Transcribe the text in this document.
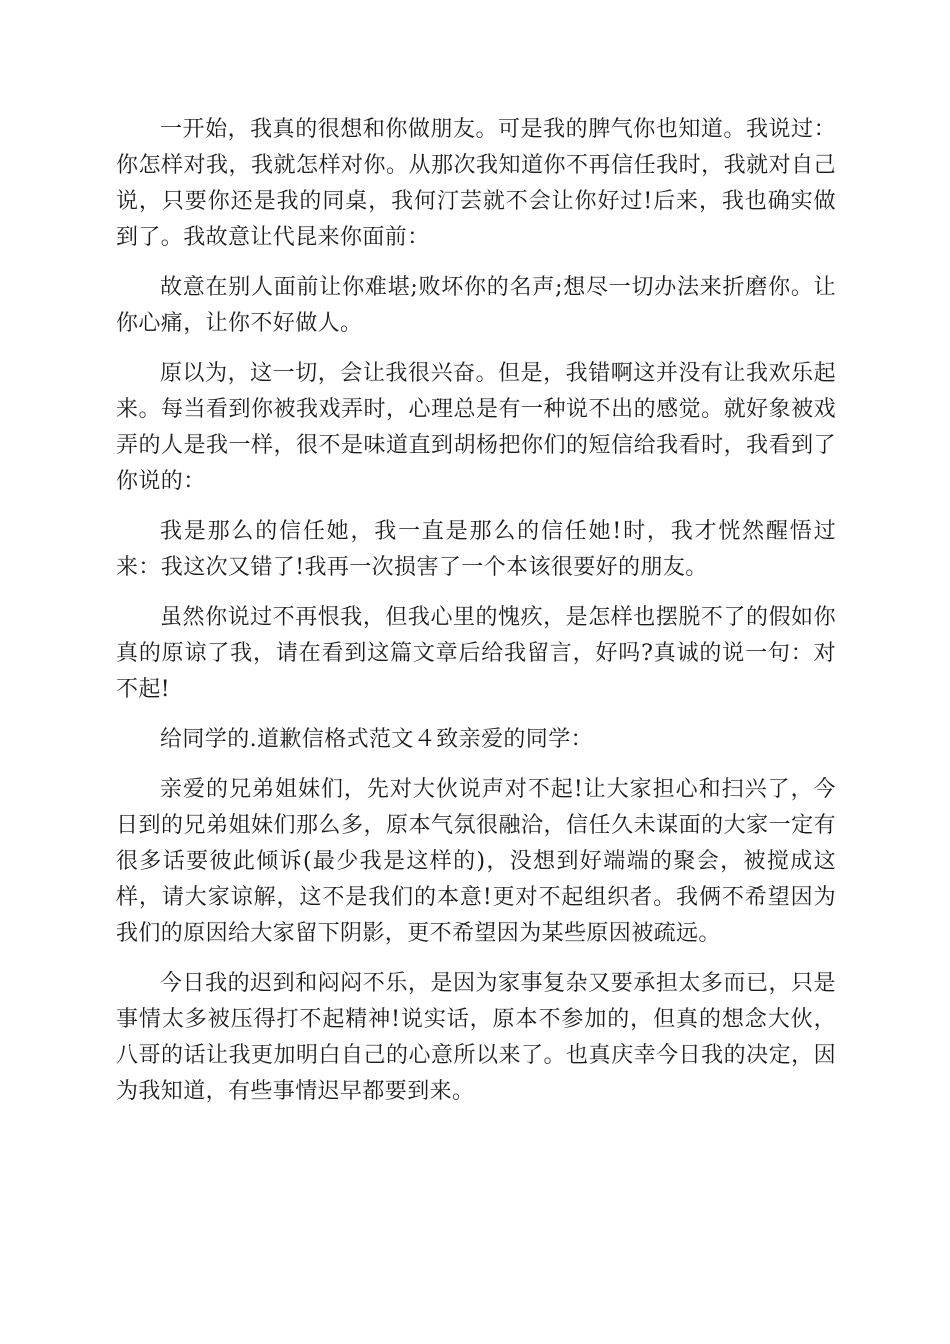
一开始，我真的很想和你做朋友。可是我的脾气你也知道。我说过：你怎样对我，我就怎样对你。从那次我知道你不再信任我时，我就对自己说，只要你还是我的同桌，我何汀芸就不会让你好过!后来，我也确实做到了。我故意让代昆来你面前：

故意在别人面前让你难堪;败坏你的名声;想尽一切办法来折磨你。让你心痛，让你不好做人。

原以为，这一切，会让我很兴奋。但是，我错啊这并没有让我欢乐起来。每当看到你被我戏弄时，心理总是有一种说不出的感觉。就好象被戏弄的人是我一样，很不是味道直到胡杨把你们的短信给我看时，我看到了你说的：

我是那么的信任她，我一直是那么的信任她!时，我才恍然醒悟过来：我这次又错了!我再一次损害了一个本该很要好的朋友。

虽然你说过不再恨我，但我心里的愧疚，是怎样也摆脱不了的假如你真的原谅了我，请在看到这篇文章后给我留言，好吗?真诚的说一句：对不起!

给同学的.道歉信格式范文４致亲爱的同学：

亲爱的兄弟姐妹们，先对大伙说声对不起!让大家担心和扫兴了，今日到的兄弟姐妹们那么多，原本气氛很融洽，信任久未谋面的大家一定有很多话要彼此倾诉(最少我是这样的)，没想到好端端的聚会，被搅成这样，请大家谅解，这不是我们的本意!更对不起组织者。我俩不希望因为我们的原因给大家留下阴影，更不希望因为某些原因被疏远。

今日我的迟到和闷闷不乐，是因为家事复杂又要承担太多而已，只是事情太多被压得打不起精神!说实话，原本不参加的，但真的想念大伙，八哥的话让我更加明白自己的心意所以来了。也真庆幸今日我的决定，因为我知道，有些事情迟早都要到来。
